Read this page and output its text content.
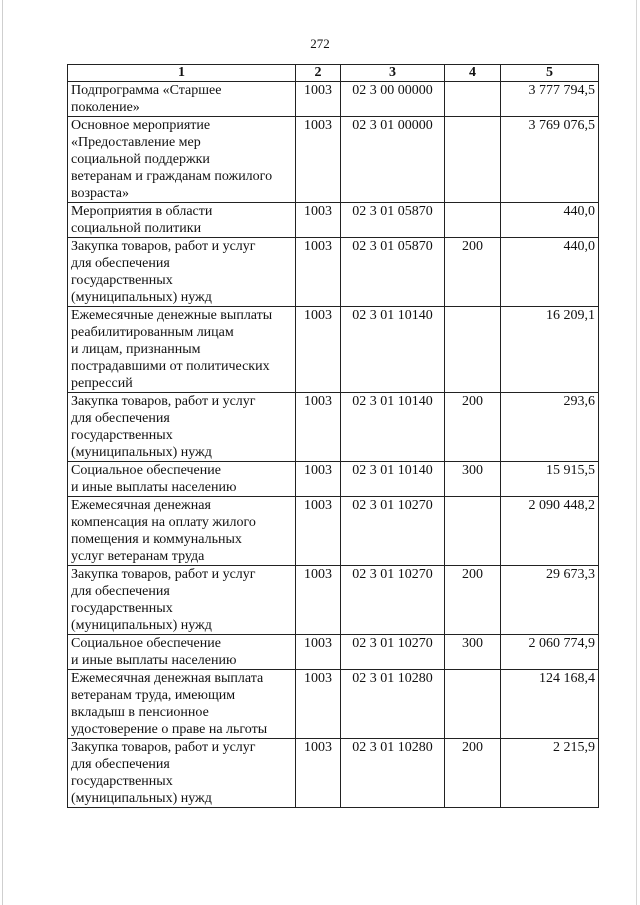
272
1	2	3	4	5

Подпрограмма «Старшее
поколение»	1003	02 3 00 00000		3 777 794,5

Основное мероприятие
«Предоставление мер
социальной поддержки
ветеранам и гражданам пожилого
возраста»	1003	02 3 01 00000		3 769 076,5

Мероприятия в области
социальной политики	1003	02 3 01 05870		440,0

Закупка товаров, работ и услуг
для обеспечения
государственных
(муниципальных) нужд	1003	02 3 01 05870	200	440,0

Ежемесячные денежные выплаты
реабилитированным лицам
и лицам, признанным
пострадавшими от политических
репрессий	1003	02 3 01 10140		16 209,1

Закупка товаров, работ и услуг
для обеспечения
государственных
(муниципальных) нужд	1003	02 3 01 10140	200	293,6

Социальное обеспечение
и иные выплаты населению	1003	02 3 01 10140	300	15 915,5

Ежемесячная денежная
компенсация на оплату жилого
помещения и коммунальных
услуг ветеранам труда	1003	02 3 01 10270		2 090 448,2

Закупка товаров, работ и услуг
для обеспечения
государственных
(муниципальных) нужд	1003	02 3 01 10270	200	29 673,3

Социальное обеспечение
и иные выплаты населению	1003	02 3 01 10270	300	2 060 774,9

Ежемесячная денежная выплата
ветеранам труда, имеющим
вкладыш в пенсионное
удостоверение о праве на льготы	1003	02 3 01 10280		124 168,4

Закупка товаров, работ и услуг
для обеспечения
государственных
(муниципальных) нужд	1003	02 3 01 10280	200	2 215,9
